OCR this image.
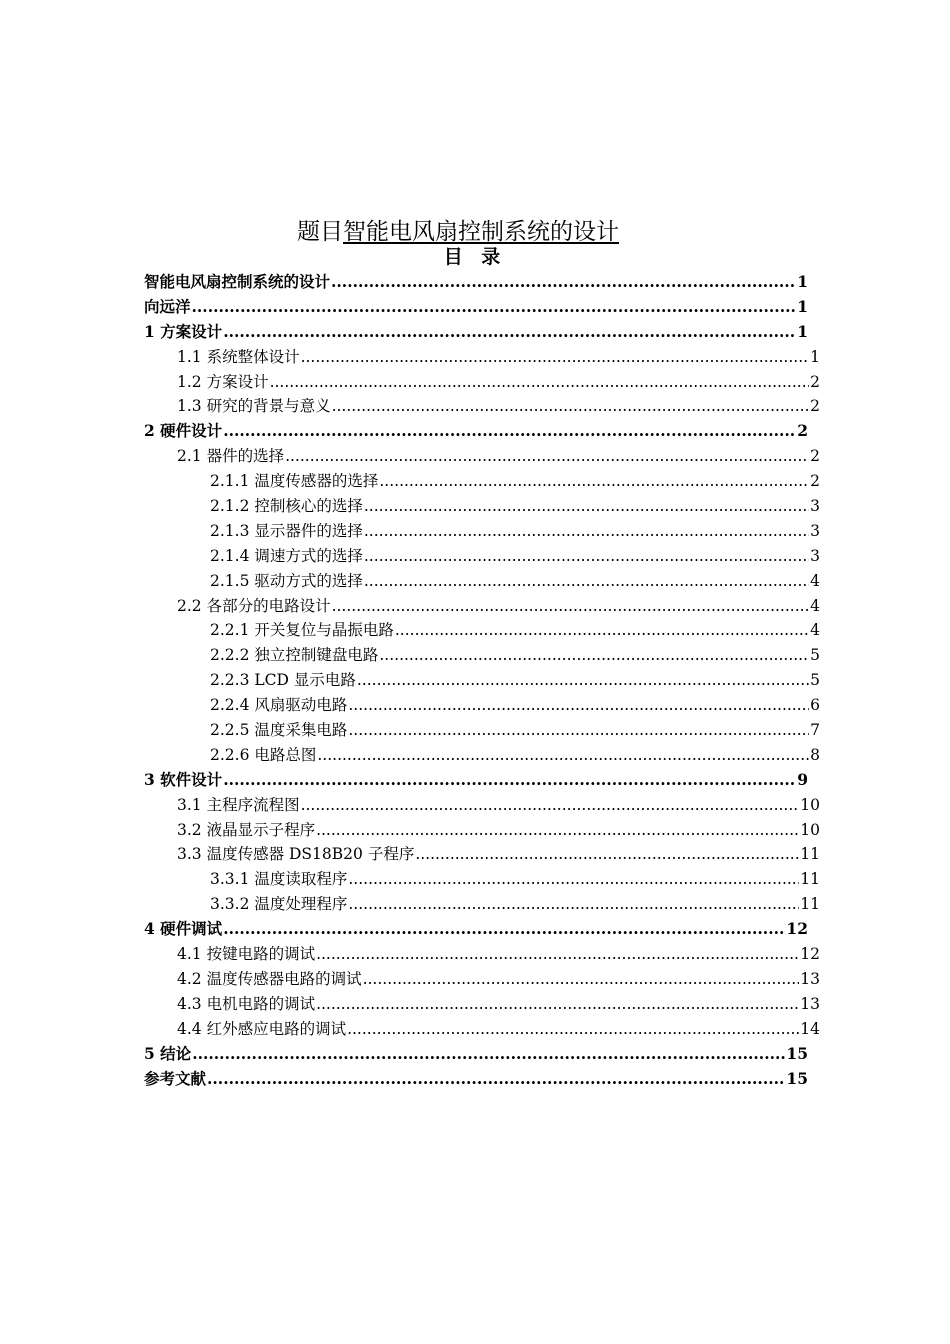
题目智能电风扇控制系统的设计
目 录
智能电风扇控制系统的设计 .....	1
向远洋 .....	1
1 方案设计 .....	1
1.1 系统整体设计 .....	1
1.2 方案设计 .....	2
1.3 研究的背景与意义 .....	2
2 硬件设计 .....	2
2.1 器件的选择 .....	2
2.1.1 温度传感器的选择 .....	2
2.1.2 控制核心的选择 .....	3
2.1.3 显示器件的选择 .....	3
2.1.4 调速方式的选择 .....	3
2.1.5 驱动方式的选择 .....	4
2.2 各部分的电路设计 .....	4
2.2.1 开关复位与晶振电路 .....	4
2.2.2 独立控制键盘电路 .....	5
2.2.3 LCD 显示电路 .....	5
2.2.4 风扇驱动电路 .....	6
2.2.5 温度采集电路 .....	7
2.2.6 电路总图 .....	8
3 软件设计 .....	9
3.1 主程序流程图 .....	10
3.2 液晶显示子程序 .....	10
3.3 温度传感器 DS18B20 子程序 .....	11
3.3.1 温度读取程序 .....	11
3.3.2 温度处理程序 .....	11
4 硬件调试 .....	12
4.1 按键电路的调试 .....	12
4.2 温度传感器电路的调试 .....	13
4.3 电机电路的调试 .....	13
4.4 红外感应电路的调试 .....	14
5 结论 .....	15
参考文献 .....	15
